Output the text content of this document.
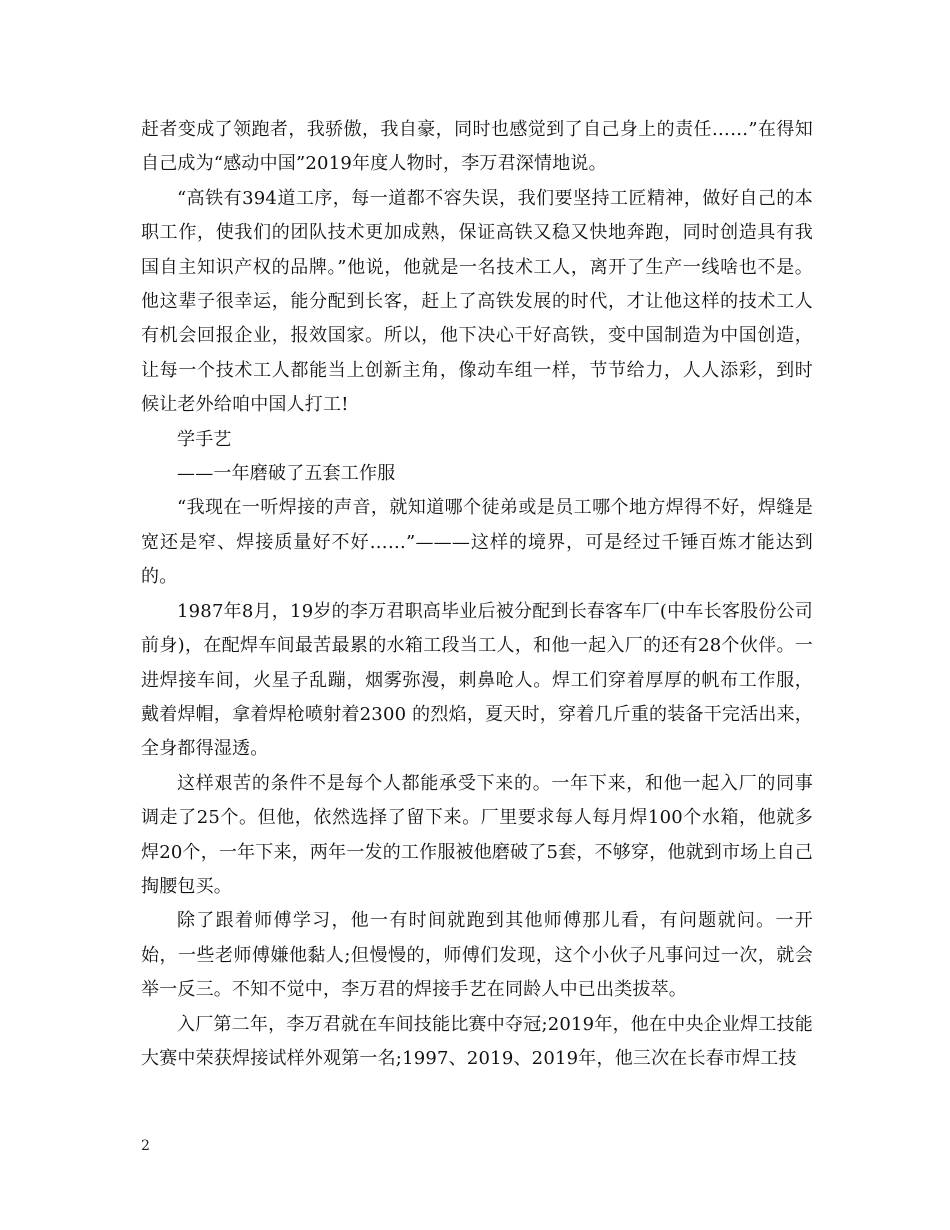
赶者变成了领跑者，我骄傲，我自豪，同时也感觉到了自己身上的责任……”在得知自己成为“感动中国”2019年度人物时，李万君深情地说。

“高铁有394道工序，每一道都不容失误，我们要坚持工匠精神，做好自己的本职工作，使我们的团队技术更加成熟，保证高铁又稳又快地奔跑，同时创造具有我国自主知识产权的品牌。”他说，他就是一名技术工人，离开了生产一线啥也不是。他这辈子很幸运，能分配到长客，赶上了高铁发展的时代，才让他这样的技术工人有机会回报企业，报效国家。所以，他下决心干好高铁，变中国制造为中国创造，让每一个技术工人都能当上创新主角，像动车组一样，节节给力，人人添彩，到时候让老外给咱中国人打工!

学手艺

——一年磨破了五套工作服

“我现在一听焊接的声音，就知道哪个徒弟或是员工哪个地方焊得不好，焊缝是宽还是窄、焊接质量好不好……”———这样的境界，可是经过千锤百炼才能达到的。

1987年8月，19岁的李万君职高毕业后被分配到长春客车厂(中车长客股份公司前身)，在配焊车间最苦最累的水箱工段当工人，和他一起入厂的还有28个伙伴。一进焊接车间，火星子乱蹦，烟雾弥漫，刺鼻呛人。焊工们穿着厚厚的帆布工作服，戴着焊帽，拿着焊枪喷射着2300 的烈焰，夏天时，穿着几斤重的装备干完活出来，全身都得湿透。

这样艰苦的条件不是每个人都能承受下来的。一年下来，和他一起入厂的同事调走了25个。但他，依然选择了留下来。厂里要求每人每月焊100个水箱，他就多焊20个，一年下来，两年一发的工作服被他磨破了5套，不够穿，他就到市场上自己掏腰包买。

除了跟着师傅学习，他一有时间就跑到其他师傅那儿看，有问题就问。一开始，一些老师傅嫌他黏人;但慢慢的，师傅们发现，这个小伙子凡事问过一次，就会举一反三。不知不觉中，李万君的焊接手艺在同龄人中已出类拔萃。

入厂第二年，李万君就在车间技能比赛中夺冠;2019年，他在中央企业焊工技能大赛中荣获焊接试样外观第一名;1997、2019、2019年，他三次在长春市焊工技

2
